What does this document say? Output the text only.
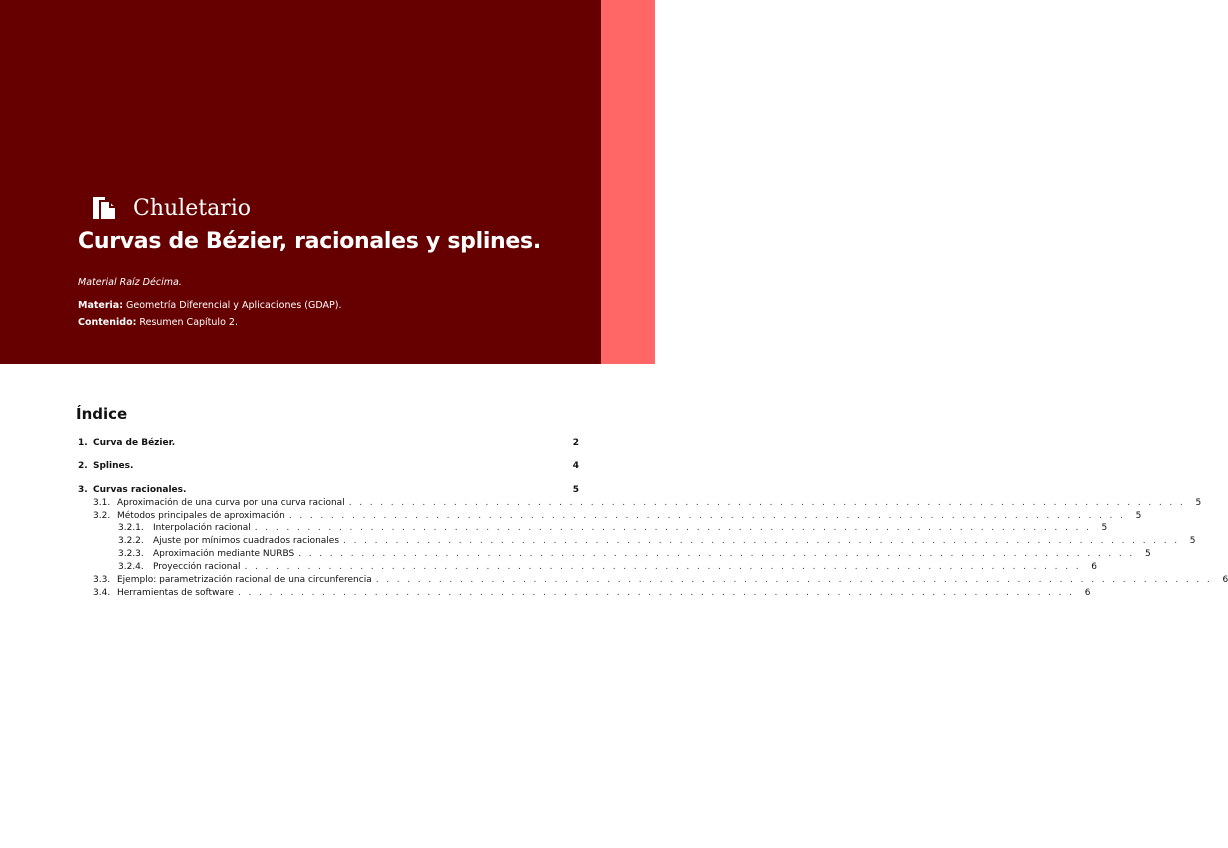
Chuletario
Curvas de Bézier, racionales y splines.
Material Raíz Décima.
Materia: Geometría Diferencial y Aplicaciones (GDAP).
Contenido: Resumen Capítulo 2.
Índice
1. Curva de Bézier.	2
2. Splines.	4
3. Curvas racionales.	5
3.1. Aproximación de una curva por una curva racional . . . . . . . . . . . . . . . . . . . . . . . . . . . . . . . . . . . . . . . . . . . . . . . . . . . . . . . . . . . . . . . . . . . . . . . . . . . . . . . .	5
3.2. Métodos principales de aproximación . . . . . . . . . . . . . . . . . . . . . . . . . . . . . . . . . . . . . . . . . . . . . . . . . . . . . . . . . . . . . . . . . . . . . . . . . . . . . . . .	5
3.2.1.	Interpolación racional . . . . . . . . . . . . . . . . . . . . . . . . . . . . . . . . . . . . . . . . . . . . . . . . . . . . . . . . . . . . . . . . . . . . . . . . . . . . . . . .	5
3.2.2.	Ajuste por mínimos cuadrados racionales . . . . . . . . . . . . . . . . . . . . . . . . . . . . . . . . . . . . . . . . . . . . . . . . . . . . . . . . . . . . . . . . . . . . . . . . . . . . . . . .	5
3.2.3.	Aproximación mediante NURBS . . . . . . . . . . . . . . . . . . . . . . . . . . . . . . . . . . . . . . . . . . . . . . . . . . . . . . . . . . . . . . . . . . . . . . . . . . . . . . . .	5
3.2.4.	Proyección racional . . . . . . . . . . . . . . . . . . . . . . . . . . . . . . . . . . . . . . . . . . . . . . . . . . . . . . . . . . . . . . . . . . . . . . . . . . . . . . . .	6
3.3. Ejemplo: parametrización racional de una circunferencia . . . . . . . . . . . . . . . . . . . . . . . . . . . . . . . . . . . . . . . . . . . . . . . . . . . . . . . . . . . . . . . . . . . . . . . . . . . . . . . .	6
3.4. Herramientas de software . . . . . . . . . . . . . . . . . . . . . . . . . . . . . . . . . . . . . . . . . . . . . . . . . . . . . . . . . . . . . . . . . . . . . . . . . . . . . . . .	6
